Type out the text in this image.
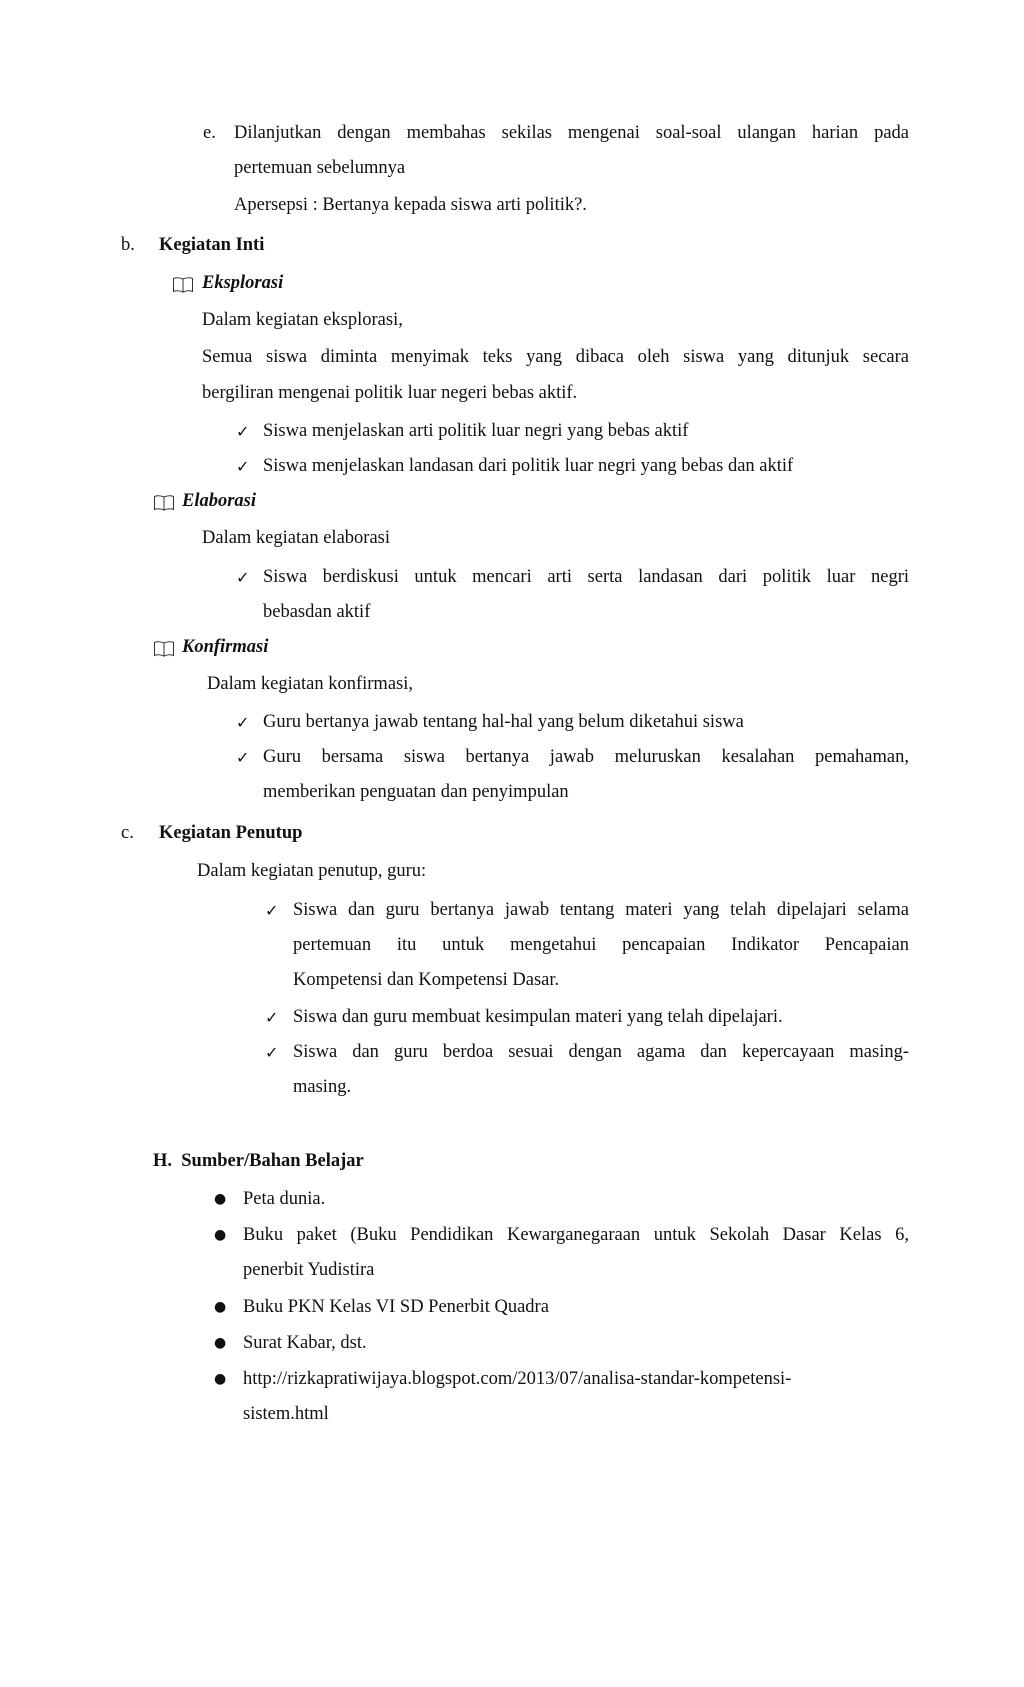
e. Dilanjutkan dengan membahas sekilas mengenai soal-soal ulangan harian pada
pertemuan sebelumnya
Apersepsi : Bertanya kepada siswa arti politik?.
b. Kegiatan Inti
Eksplorasi
Dalam kegiatan eksplorasi,
Semua siswa diminta menyimak teks yang dibaca oleh siswa yang ditunjuk secara
bergiliran mengenai politik luar negeri bebas aktif.
✓ Siswa menjelaskan arti politik luar negri yang bebas aktif
✓ Siswa menjelaskan landasan dari politik luar negri yang bebas dan aktif
Elaborasi
Dalam kegiatan elaborasi
✓ Siswa berdiskusi untuk mencari arti serta landasan dari politik luar negri
bebasdan aktif
Konfirmasi
Dalam kegiatan konfirmasi,
✓ Guru bertanya jawab tentang hal-hal yang belum diketahui siswa
✓ Guru bersama siswa bertanya jawab meluruskan kesalahan pemahaman,
memberikan penguatan dan penyimpulan
c. Kegiatan Penutup
Dalam kegiatan penutup, guru:
✓ Siswa dan guru bertanya jawab tentang materi yang telah dipelajari selama
pertemuan itu untuk mengetahui pencapaian Indikator Pencapaian
Kompetensi dan Kompetensi Dasar.
✓ Siswa dan guru membuat kesimpulan materi yang telah dipelajari.
✓ Siswa dan guru berdoa sesuai dengan agama dan kepercayaan masing-
masing.
H.  Sumber/Bahan Belajar
● Peta dunia.
● Buku paket (Buku Pendidikan Kewarganegaraan untuk Sekolah Dasar Kelas 6,
penerbit Yudistira
● Buku PKN Kelas VI SD Penerbit Quadra
● Surat Kabar, dst.
● http://rizkapratiwijaya.blogspot.com/2013/07/analisa-standar-kompetensi-
sistem.html
